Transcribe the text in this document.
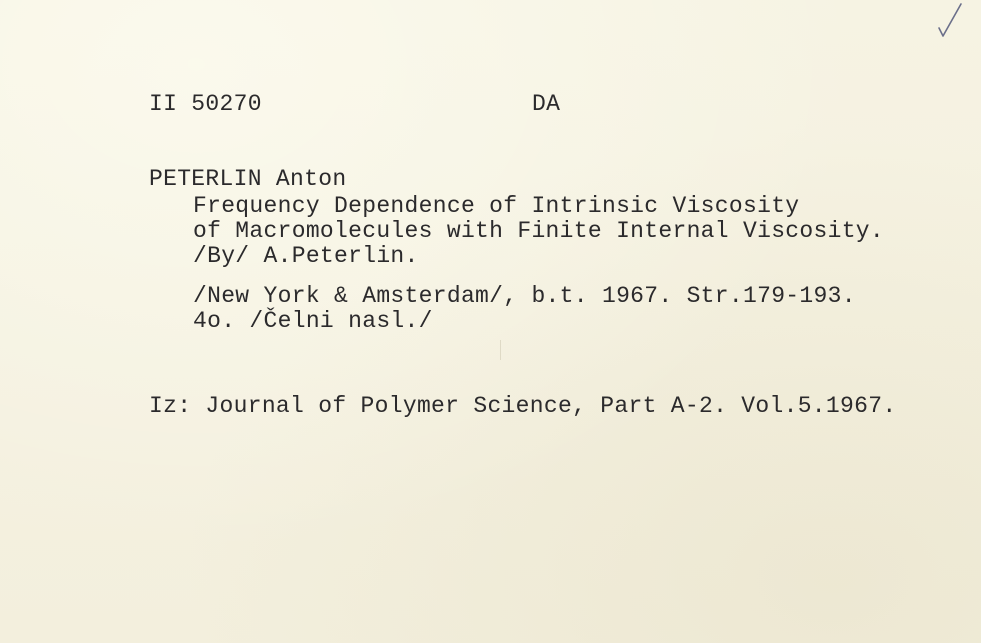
II 50270	DA
PETERLIN Anton
Frequency Dependence of Intrinsic Viscosity
of Macromolecules with Finite Internal Viscosity.
/By/ A.Peterlin.
/New York & Amsterdam/, b.t. 1967. Str.179-193.
4o. /Čelni nasl./
Iz: Journal of Polymer Science, Part A-2. Vol.5.1967.
